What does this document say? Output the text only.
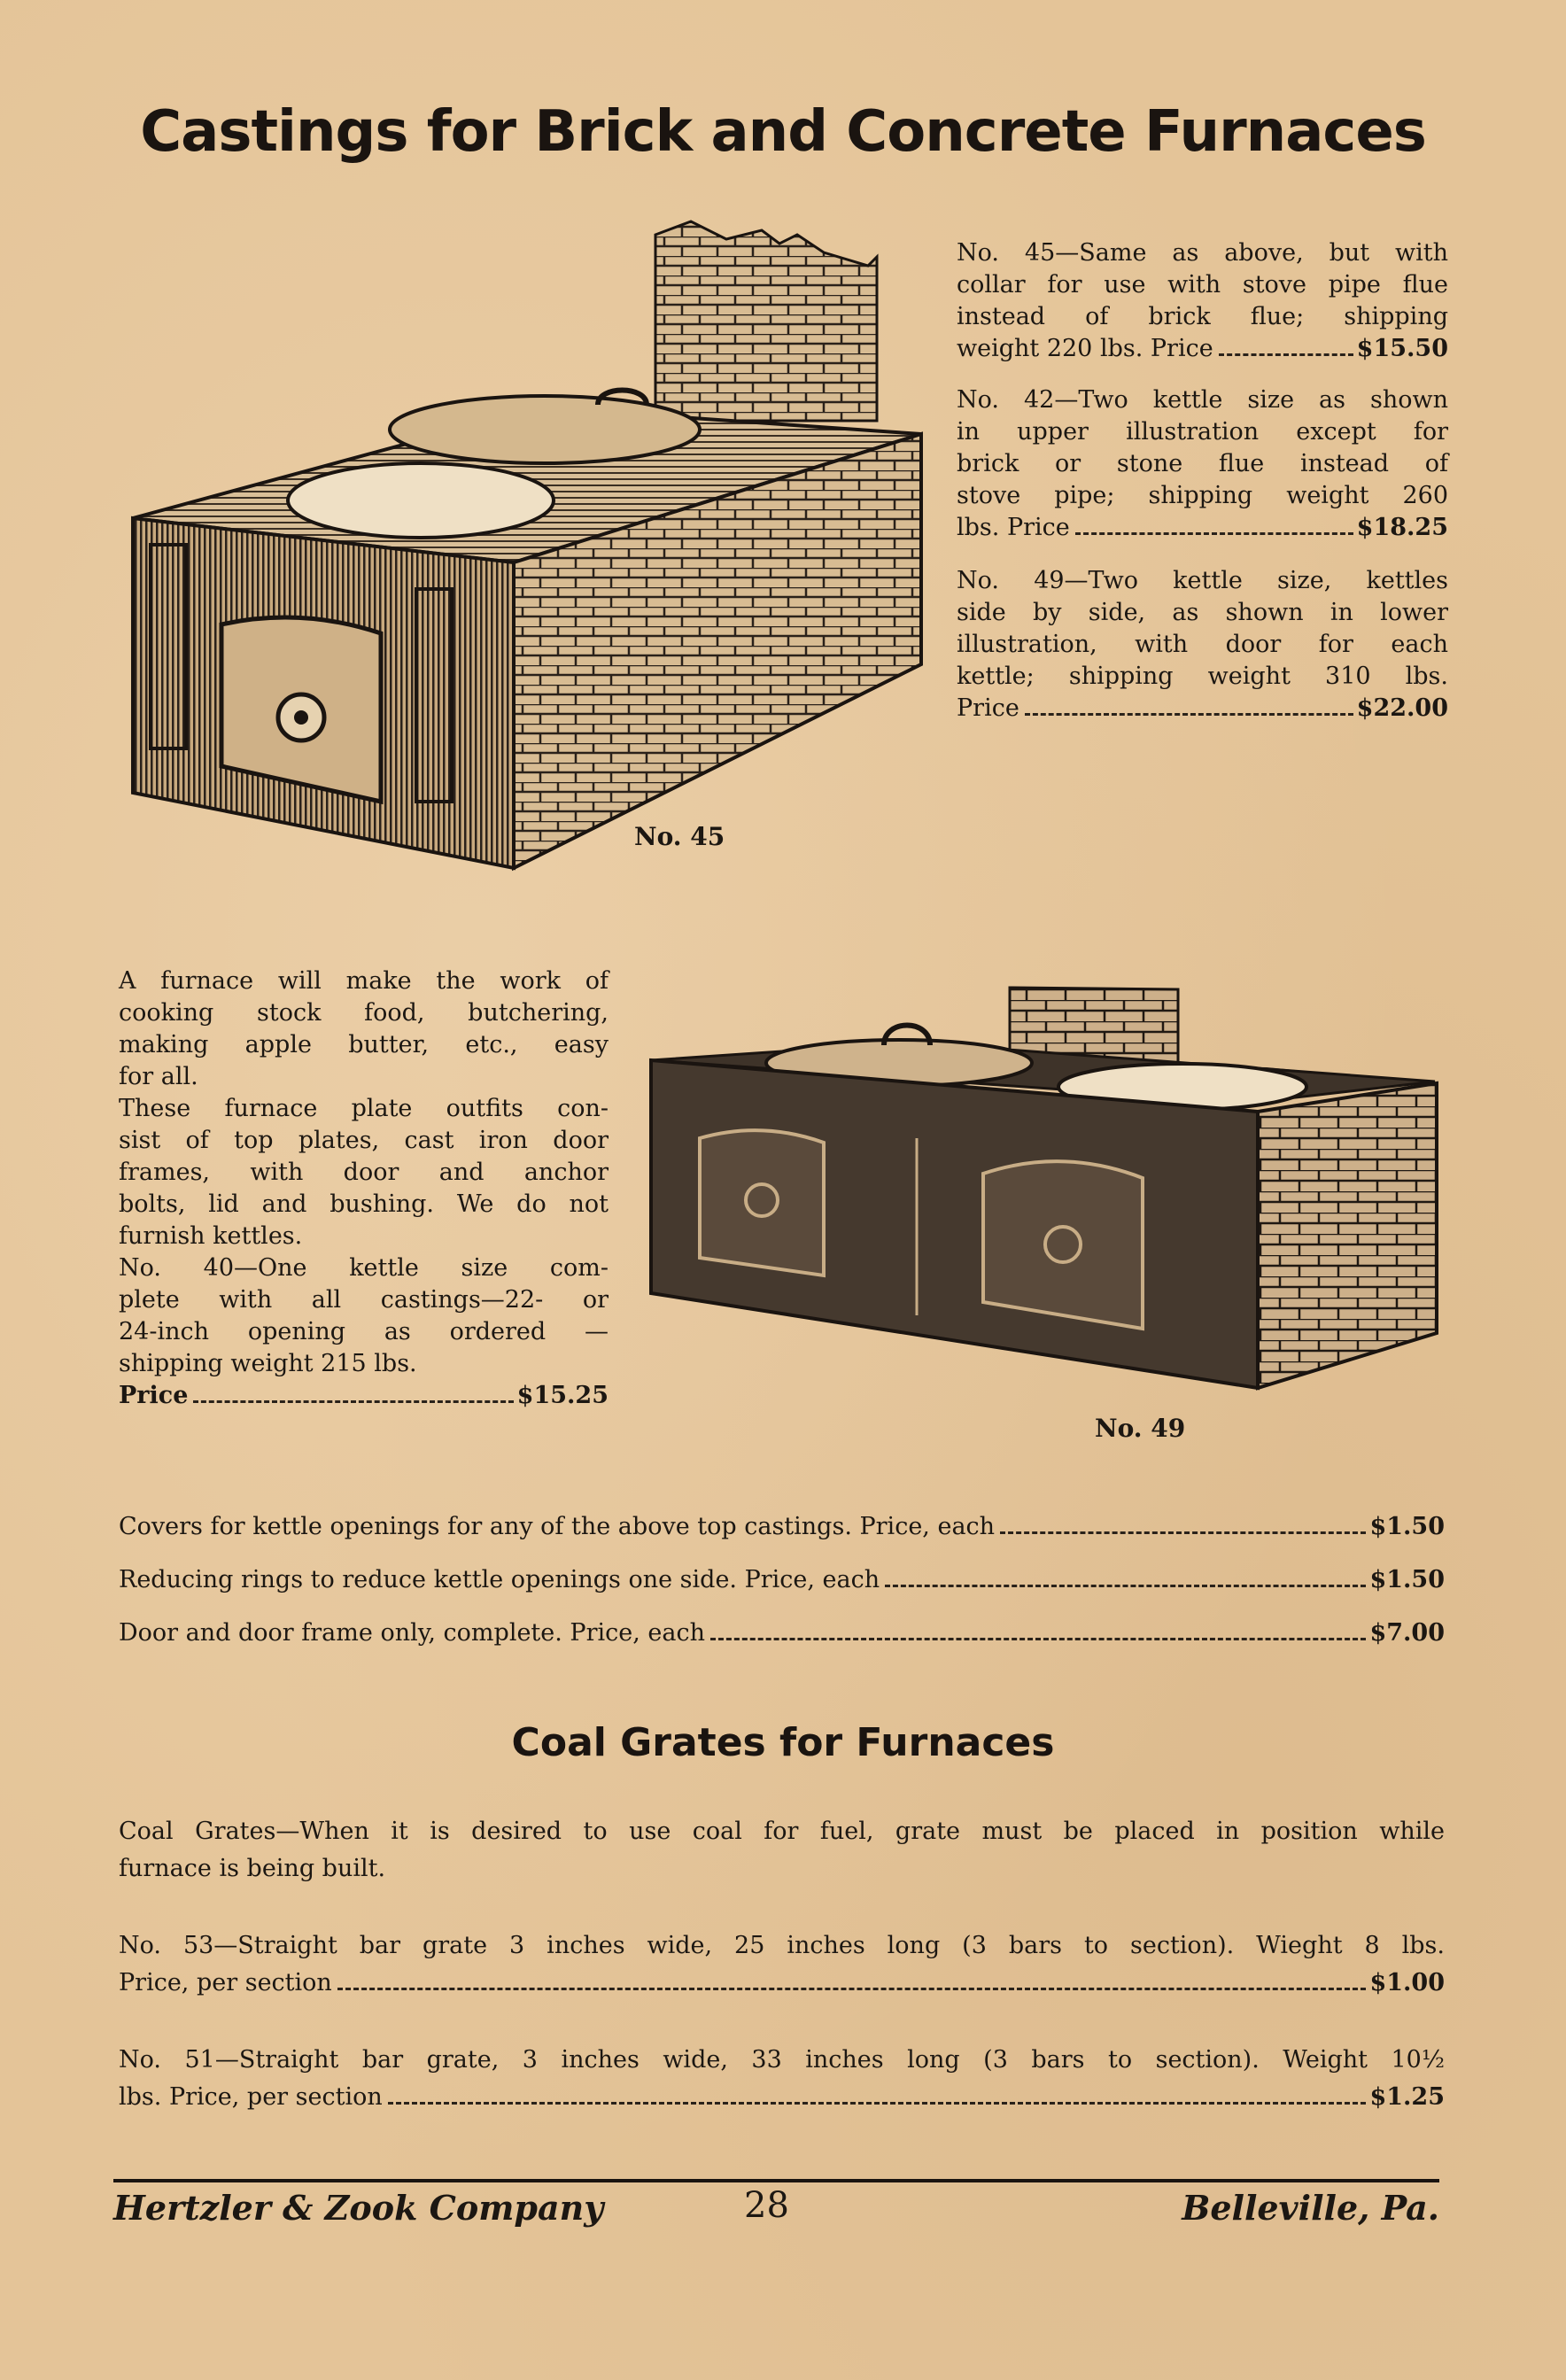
Castings for Brick and Concrete Furnaces
No. 45
No. 45—Same as above, but with
collar for use with stove pipe flue
instead of brick flue; shipping
weight 220 lbs. Price	$15.50
No. 42—Two kettle size as shown
in upper illustration except for
brick or stone flue instead of
stove pipe; shipping weight 260
lbs. Price	$18.25
No. 49—Two kettle size, kettles
side by side, as shown in lower
illustration, with door for each
kettle; shipping weight 310 lbs.
Price	$22.00
A furnace will make the work of
cooking stock food, butchering,
making apple butter, etc., easy
for all.
These furnace plate outfits con-
sist of top plates, cast iron door
frames, with door and anchor
bolts, lid and bushing. We do not
furnish kettles.
No. 40—One kettle size com-
plete with all castings—22- or
24-inch opening as ordered —
shipping weight 215 lbs.
Price	$15.25
No. 49
Covers for kettle openings for any of the above top castings. Price, each	$1.50
Reducing rings to reduce kettle openings one side. Price, each	$1.50
Door and door frame only, complete. Price, each	$7.00
Coal Grates for Furnaces
Coal Grates—When it is desired to use coal for fuel, grate must be placed in position while
furnace is being built.
No. 53—Straight bar grate 3 inches wide, 25 inches long (3 bars to section). Wieght 8 lbs.
Price, per section	$1.00
No. 51—Straight bar grate, 3 inches wide, 33 inches long (3 bars to section). Weight 10½
lbs. Price, per section	$1.25
Hertzler & Zook Company	28	Belleville, Pa.
